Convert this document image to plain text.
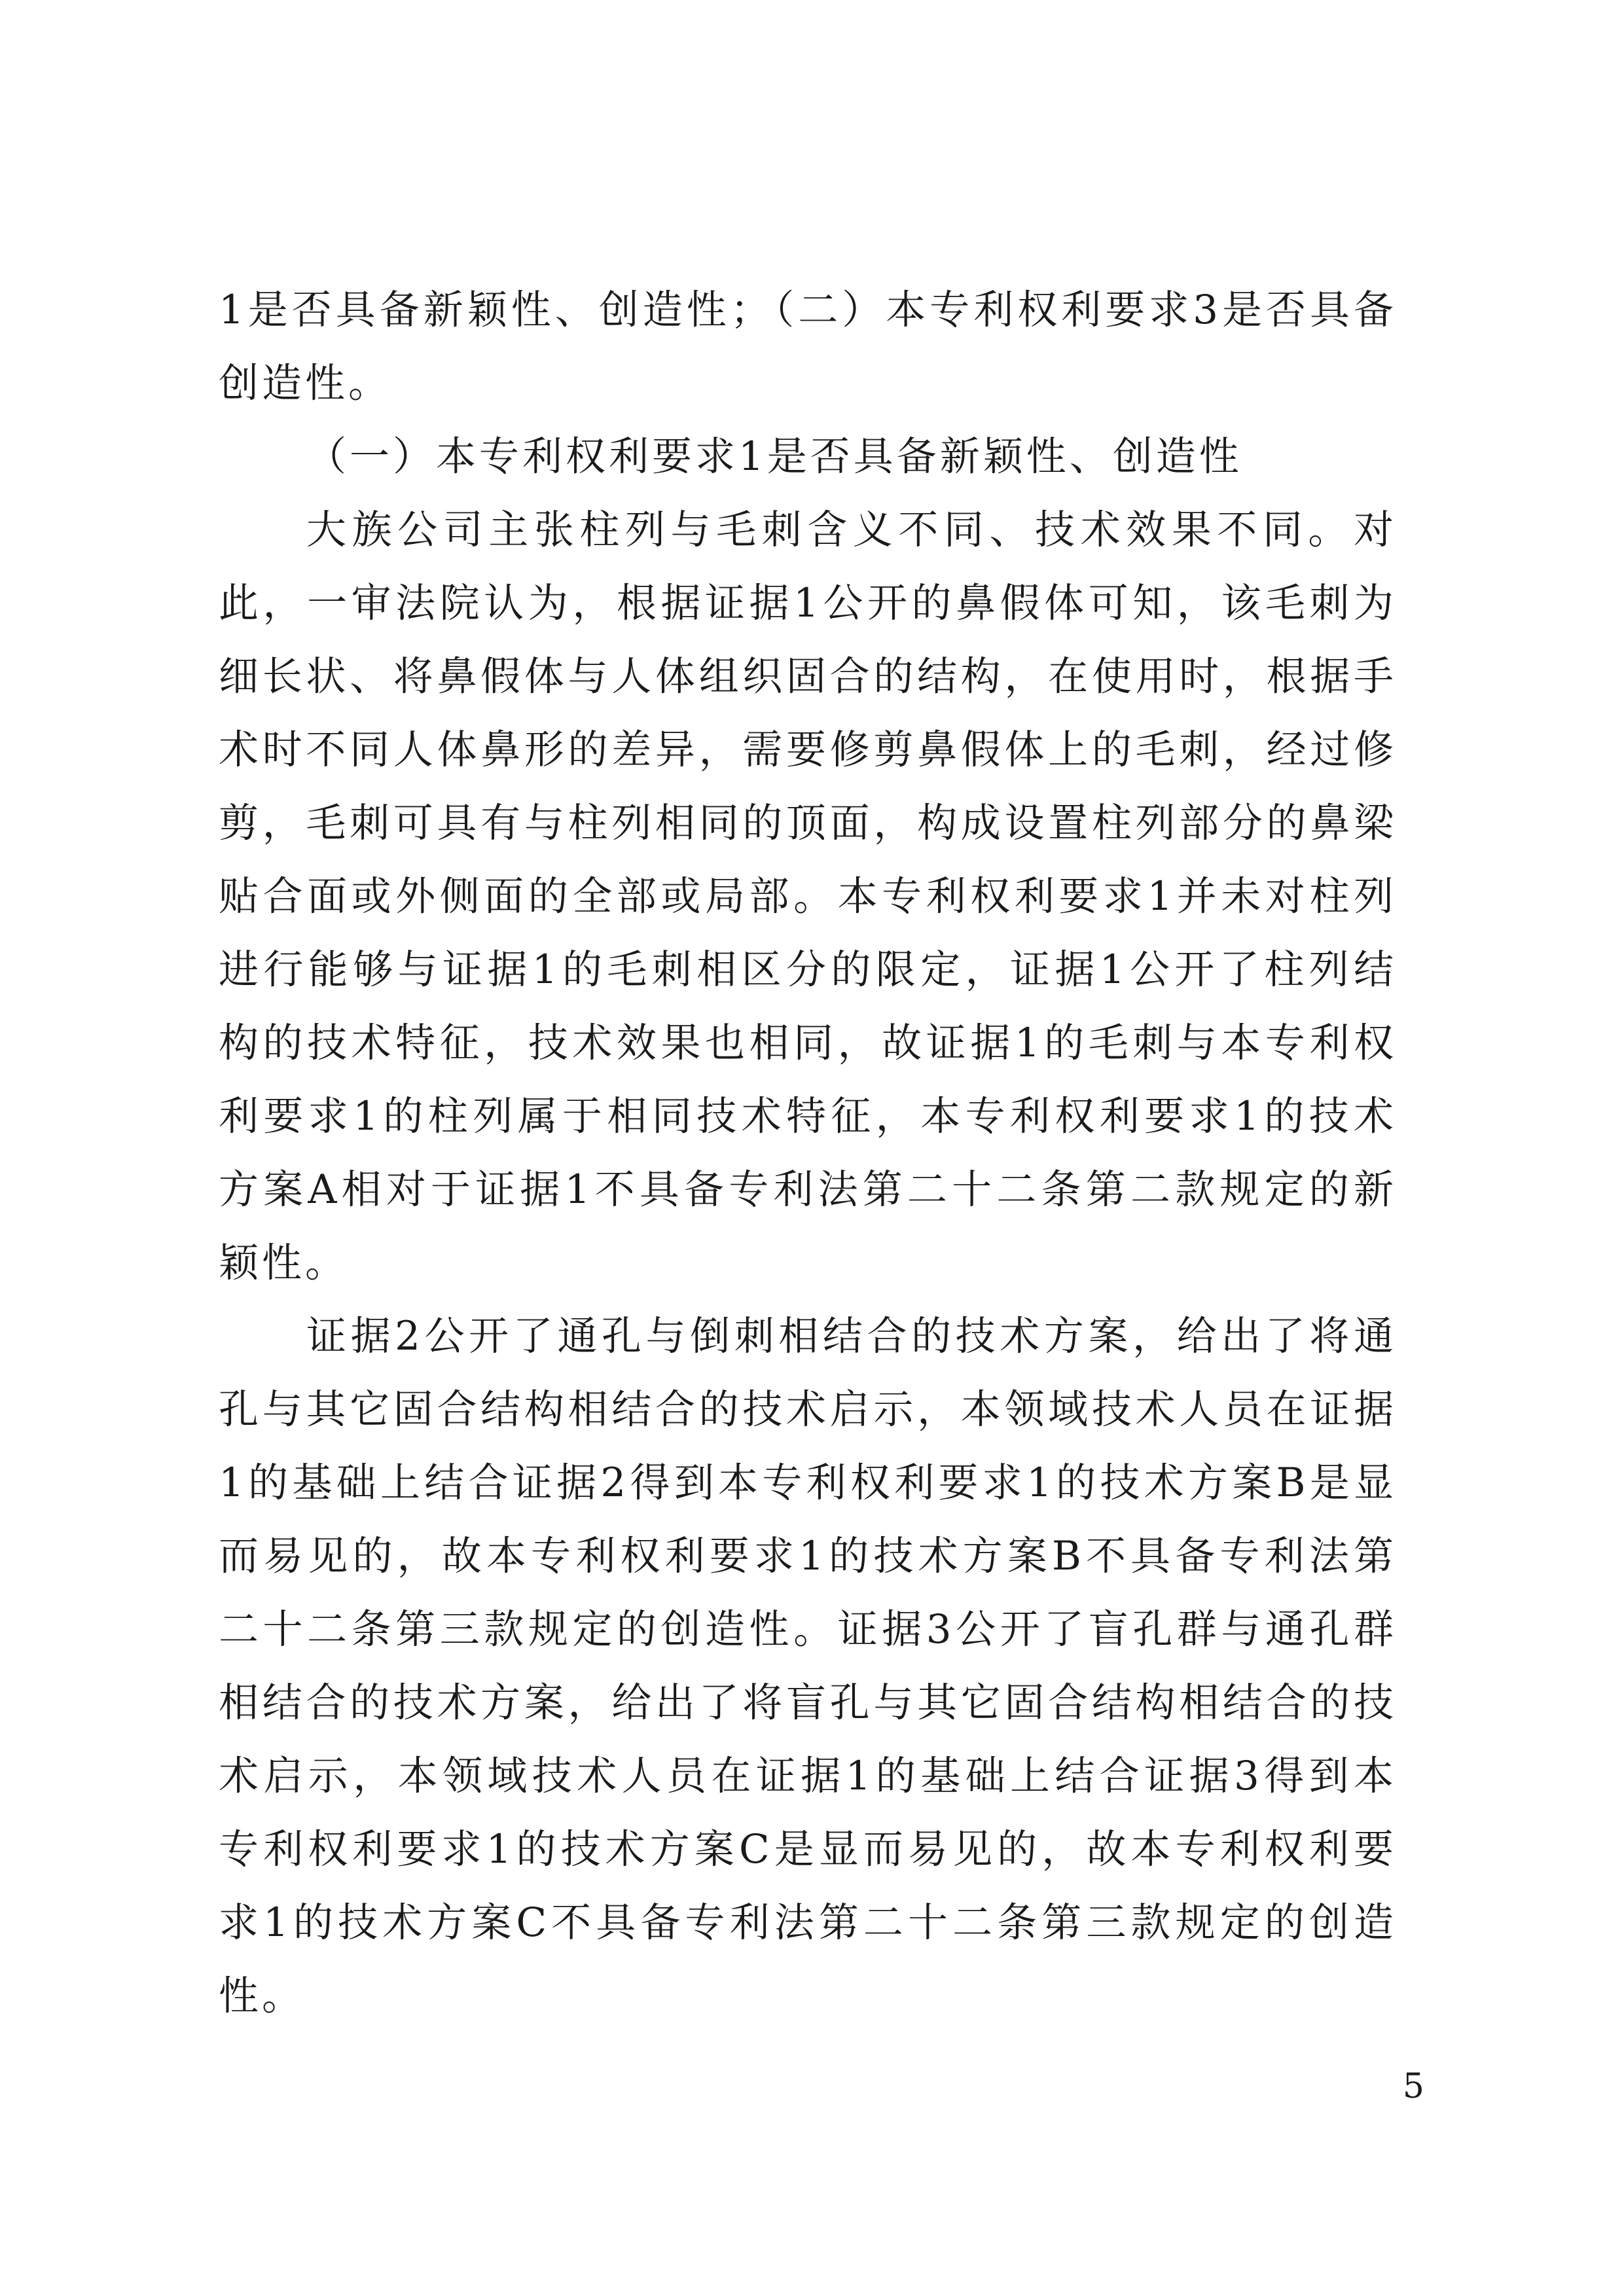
1是否具备新颖性、创造性；（二）本专利权利要求3是否具备创造性。

（一）本专利权利要求1是否具备新颖性、创造性

大族公司主张柱列与毛刺含义不同、技术效果不同。对此，一审法院认为，根据证据1公开的鼻假体可知，该毛刺为细长状、将鼻假体与人体组织固合的结构，在使用时，根据手术时不同人体鼻形的差异，需要修剪鼻假体上的毛刺，经过修剪，毛刺可具有与柱列相同的顶面，构成设置柱列部分的鼻梁贴合面或外侧面的全部或局部。本专利权利要求1并未对柱列进行能够与证据1的毛刺相区分的限定，证据1公开了柱列结构的技术特征，技术效果也相同，故证据1的毛刺与本专利权利要求1的柱列属于相同技术特征，本专利权利要求1的技术方案A相对于证据1不具备专利法第二十二条第二款规定的新颖性。

证据2公开了通孔与倒刺相结合的技术方案，给出了将通孔与其它固合结构相结合的技术启示，本领域技术人员在证据1的基础上结合证据2得到本专利权利要求1的技术方案B是显而易见的，故本专利权利要求1的技术方案B不具备专利法第二十二条第三款规定的创造性。证据3公开了盲孔群与通孔群相结合的技术方案，给出了将盲孔与其它固合结构相结合的技术启示，本领域技术人员在证据1的基础上结合证据3得到本专利权利要求1的技术方案C是显而易见的，故本专利权利要求1的技术方案C不具备专利法第二十二条第三款规定的创造性。

5
